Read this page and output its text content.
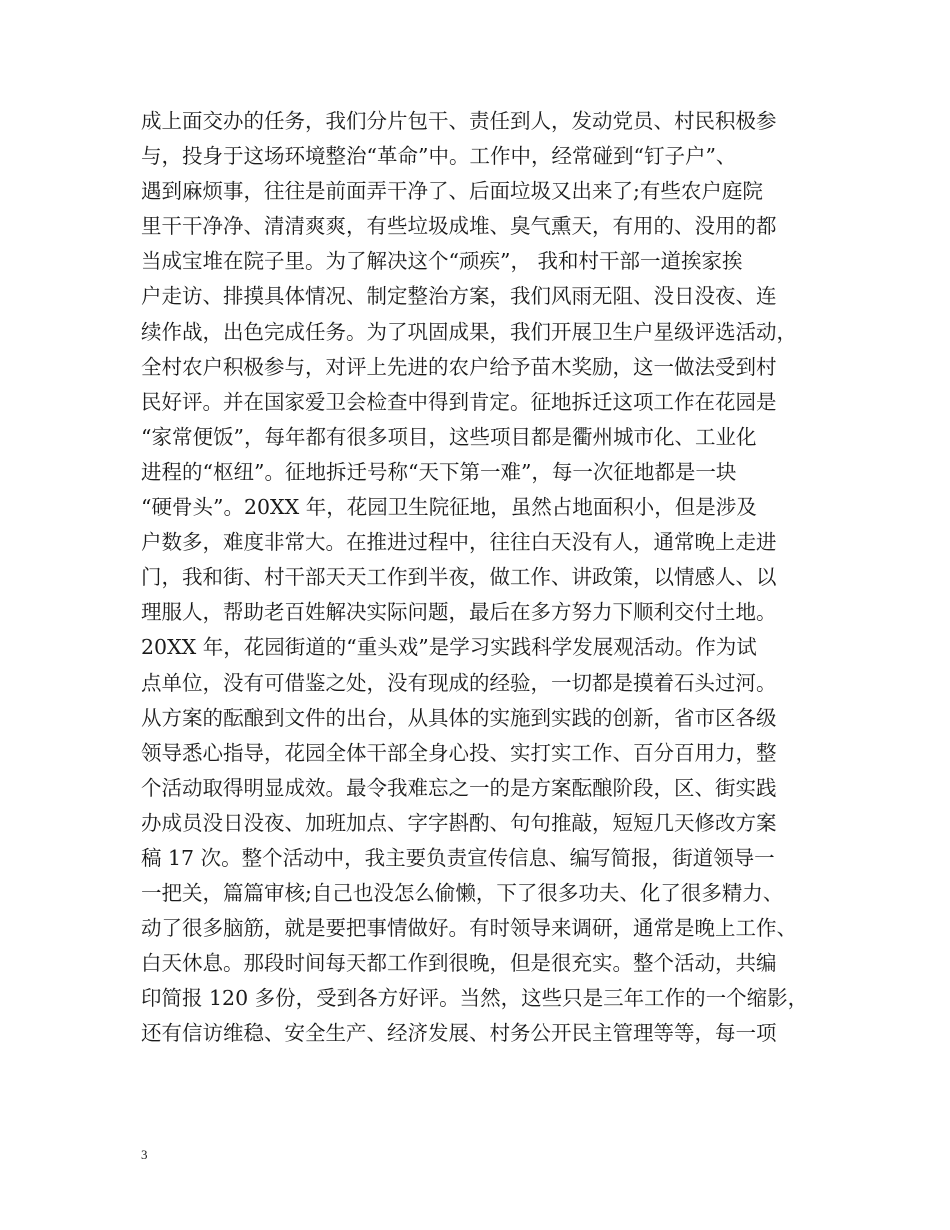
成上面交办的任务，我们分片包干、责任到人，发动党员、村民积极参
与，投身于这场环境整治“革命”中。工作中，经常碰到“钉子户”、
遇到麻烦事，往往是前面弄干净了、后面垃圾又出来了;有些农户庭院
里干干净净、清清爽爽，有些垃圾成堆、臭气熏天，有用的、没用的都
当成宝堆在院子里。为了解决这个“顽疾”， 我和村干部一道挨家挨
户走访、排摸具体情况、制定整治方案，我们风雨无阻、没日没夜、连
续作战，出色完成任务。为了巩固成果，我们开展卫生户星级评选活动，
全村农户积极参与，对评上先进的农户给予苗木奖励，这一做法受到村
民好评。并在国家爱卫会检查中得到肯定。征地拆迁这项工作在花园是
“家常便饭”，每年都有很多项目，这些项目都是衢州城市化、工业化
进程的“枢纽”。征地拆迁号称“天下第一难”，每一次征地都是一块
“硬骨头”。20XX 年，花园卫生院征地，虽然占地面积小，但是涉及
户数多，难度非常大。在推进过程中，往往白天没有人，通常晚上走进
门，我和街、村干部天天工作到半夜，做工作、讲政策，以情感人、以
理服人，帮助老百姓解决实际问题，最后在多方努力下顺利交付土地。
20XX 年，花园街道的“重头戏”是学习实践科学发展观活动。作为试
点单位，没有可借鉴之处，没有现成的经验，一切都是摸着石头过河。
从方案的酝酿到文件的出台，从具体的实施到实践的创新，省市区各级
领导悉心指导，花园全体干部全身心投、实打实工作、百分百用力，整
个活动取得明显成效。最令我难忘之一的是方案酝酿阶段，区、街实践
办成员没日没夜、加班加点、字字斟酌、句句推敲，短短几天修改方案
稿 17 次。整个活动中，我主要负责宣传信息、编写简报，街道领导一
一把关，篇篇审核;自己也没怎么偷懒，下了很多功夫、化了很多精力、
动了很多脑筋，就是要把事情做好。有时领导来调研，通常是晚上工作、
白天休息。那段时间每天都工作到很晚，但是很充实。整个活动，共编
印简报 120 多份，受到各方好评。当然，这些只是三年工作的一个缩影，
还有信访维稳、安全生产、经济发展、村务公开民主管理等等，每一项
3
